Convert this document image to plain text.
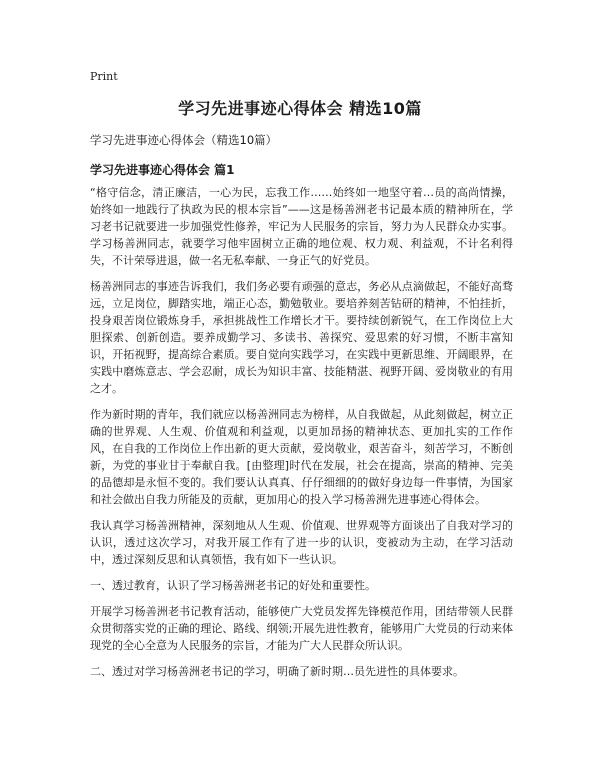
Print
学习先进事迹心得体会 精选10篇
学习先进事迹心得体会（精选10篇）
学习先进事迹心得体会 篇1

“格守信念，清正廉洁，一心为民，忘我工作……始终如一地坚守着…员的高尚情操，始终如一地践行了执政为民的根本宗旨”——这是杨善洲老书记最本质的精神所在，学习老书记就要进一步加强党性修养，牢记为人民服务的宗旨，努力为人民群众办实事。学习杨善洲同志，就要学习他牢固树立正确的地位观、权力观、利益观，不计名利得失，不计荣辱进退，做一名无私奉献、一身正气的好党员。

杨善洲同志的事迹告诉我们，我们务必要有顽强的意志，务必从点滴做起，不能好高骛远，立足岗位，脚踏实地，端正心态，勤勉敬业。要培养刻苦钻研的精神，不怕挂折，投身艰苦岗位锻炼身手，承担挑战性工作增长才干。要持续创新锐气，在工作岗位上大胆探索、创新创造。要养成勤学习、多读书、善探究、爱思索的好习惯，不断丰富知识，开拓视野，提高综合素质。要自觉向实践学习，在实践中更新思维、开阔眼界，在实践中磨炼意志、学会忍耐，成长为知识丰富、技能精湛、视野开阔、爱岗敬业的有用之才。

作为新时期的青年，我们就应以杨善洲同志为榜样，从自我做起，从此刻做起，树立正确的世界观、人生观、价值观和利益观，以更加昂扬的精神状态、更加扎实的工作作风，在自我的工作岗位上作出新的更大贡献，爱岗敬业，艰苦奋斗，刻苦学习，不断创新，为党的事业甘于奉献自我。[由整理]时代在发展，社会在提高，崇高的精神、完美的品德却是永恒不变的。我们要认认真真、仔仔细细的的做好身边每一件事情，为国家和社会做出自我力所能及的贡献，更加用心的投入学习杨善洲先进事迹心得体会。

我认真学习杨善洲精神，深刻地从人生观、价值观、世界观等方面谈出了自我对学习的认识，透过这次学习，对我开展工作有了进一步的认识，变被动为主动，在学习活动中，透过深刻反思和认真领悟，我有如下一些认识。

一、透过教育，认识了学习杨善洲老书记的好处和重要性。

开展学习杨善洲老书记教育活动，能够使广大党员发挥先锋模范作用，团结带领人民群众贯彻落实党的正确的理论、路线、纲领;开展先进性教育，能够用广大党员的行动来体现党的全心全意为人民服务的宗旨，才能为广大人民群众所认识。

二、透过对学习杨善洲老书记的学习，明确了新时期…员先进性的具体要求。
